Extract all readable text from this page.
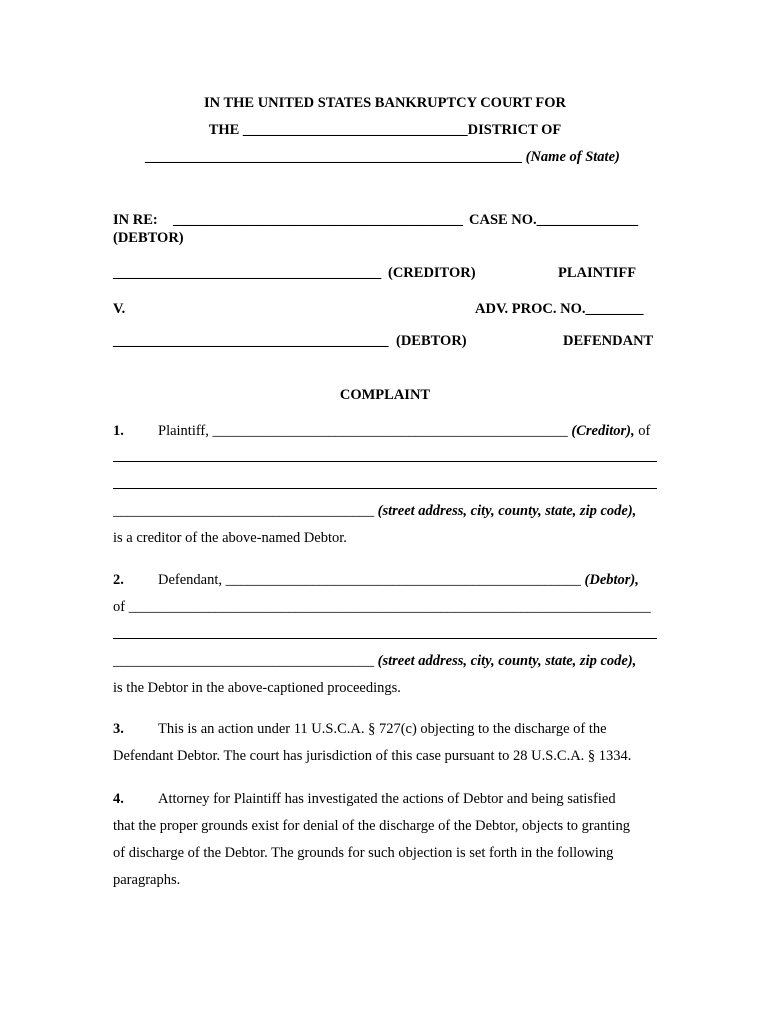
IN THE UNITED STATES BANKRUPTCY COURT FOR
THE _______________________________DISTRICT OF
____________________________________________________ (Name of State)
IN RE: ________________________________________ CASE NO.______________
(DEBTOR)
_____________________________________ (CREDITOR)	PLAINTIFF
V.	ADV. PROC. NO.________
______________________________________ (DEBTOR)	DEFENDANT
COMPLAINT
1. Plaintiff, _________________________________________________ (Creditor), of
____________________________________ (street address, city, county, state, zip code),
is a creditor of the above-named Debtor.
2. Defendant, _________________________________________________ (Debtor),
of ________________________________________________________________________
____________________________________ (street address, city, county, state, zip code),
is the Debtor in the above-captioned proceedings.
3. This is an action under 11 U.S.C.A. § 727(c) objecting to the discharge of the
Defendant Debtor. The court has jurisdiction of this case pursuant to 28 U.S.C.A. § 1334.
4. Attorney for Plaintiff has investigated the actions of Debtor and being satisfied
that the proper grounds exist for denial of the discharge of the Debtor, objects to granting
of discharge of the Debtor. The grounds for such objection is set forth in the following
paragraphs.
